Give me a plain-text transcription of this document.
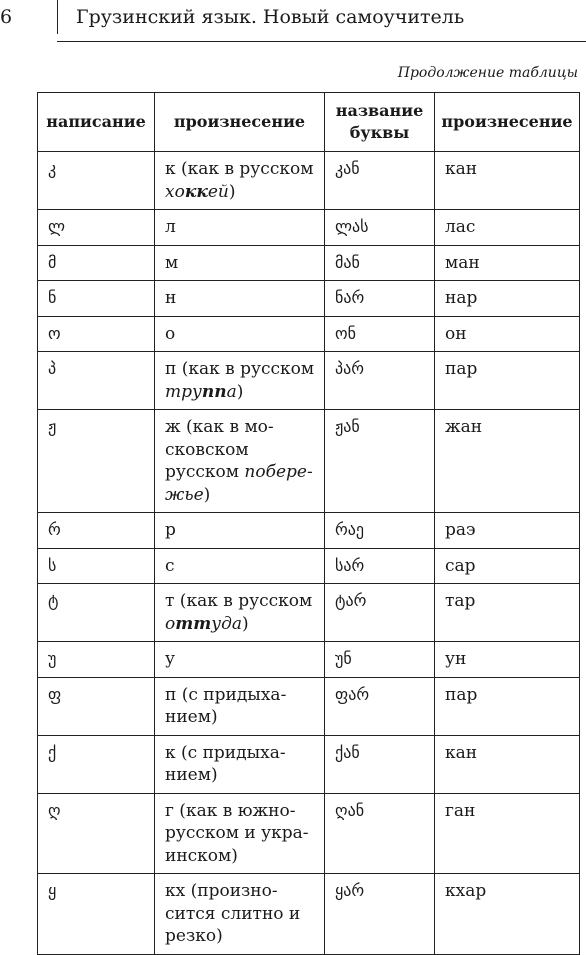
6	Грузинский язык. Новый самоучитель
Продолжение таблицы
написание	произнесение	название буквы	произнесение
კ	к (как в русском хоккей)	კან	кан
ლ	л	ლას	лас
მ	м	მან	ман
ნ	н	ნარ	нар
ო	о	ონ	он
პ	п (как в русском труппа)	პარ	пар
ჟ	ж (как в московском русском побережье)	ჟან	жан
რ	р	რაე	раэ
ს	с	სარ	сар
ტ	т (как в русском оттуда)	ტარ	тар
უ	у	უნ	ун
ფ	п (с придыханием)	ფარ	пар
ქ	к (с придыханием)	ქან	кан
ღ	г (как в южнорусском и украинском)	ღან	ган
ყ	кх (произносится слитно и резко)	ყარ	кхар
